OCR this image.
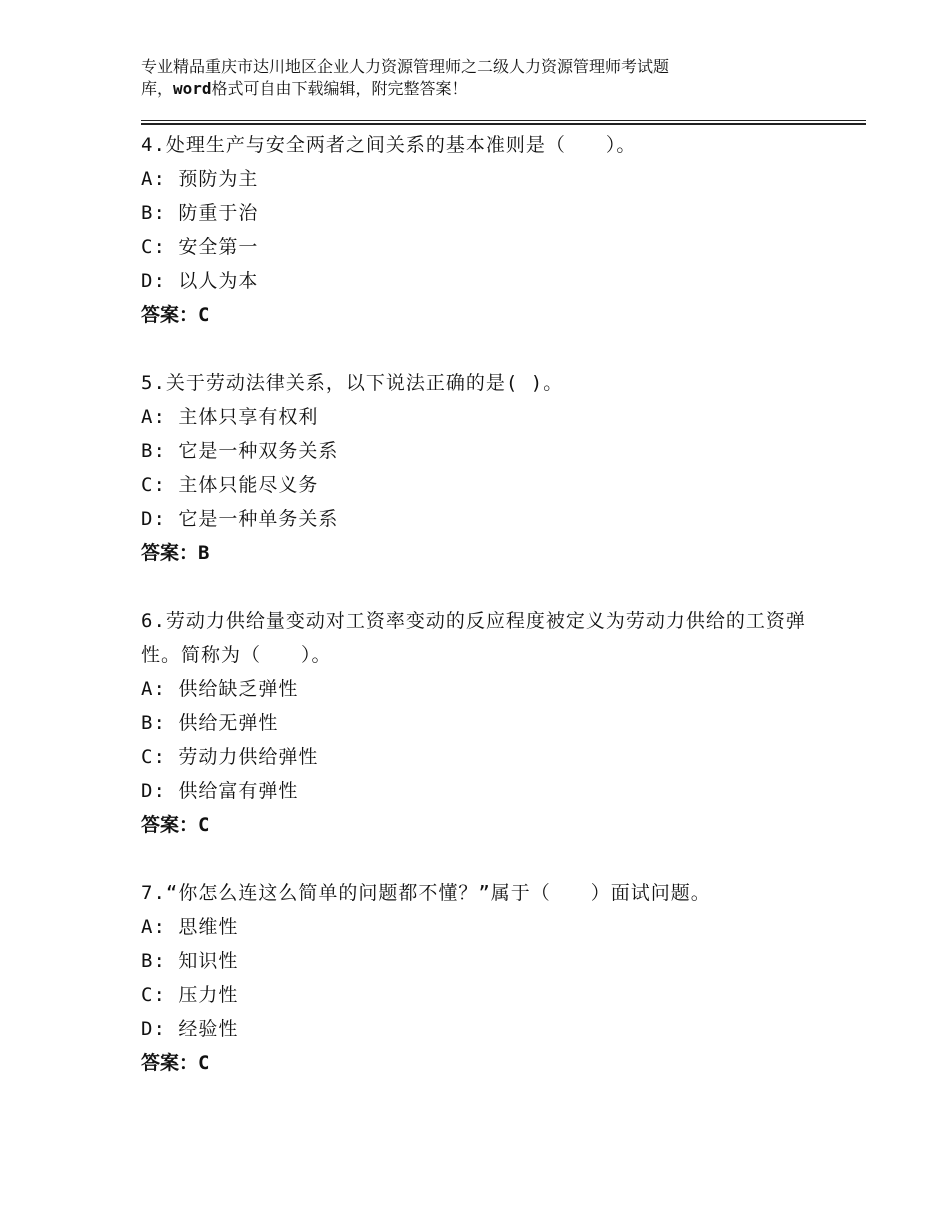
专业精品重庆市达川地区企业人力资源管理师之二级人力资源管理师考试题
库，word格式可自由下载编辑，附完整答案！
4.处理生产与安全两者之间关系的基本准则是（　　）。
A: 预防为主
B: 防重于治
C: 安全第一
D: 以人为本
答案：C
5.关于劳动法律关系，以下说法正确的是( )。
A: 主体只享有权利
B: 它是一种双务关系
C: 主体只能尽义务
D: 它是一种单务关系
答案：B
6.劳动力供给量变动对工资率变动的反应程度被定义为劳动力供给的工资弹性。简称为（　　）。
A: 供给缺乏弹性
B: 供给无弹性
C: 劳动力供给弹性
D: 供给富有弹性
答案：C
7.“你怎么连这么简单的问题都不懂？”属于（　　）面试问题。
A: 思维性
B: 知识性
C: 压力性
D: 经验性
答案：C
